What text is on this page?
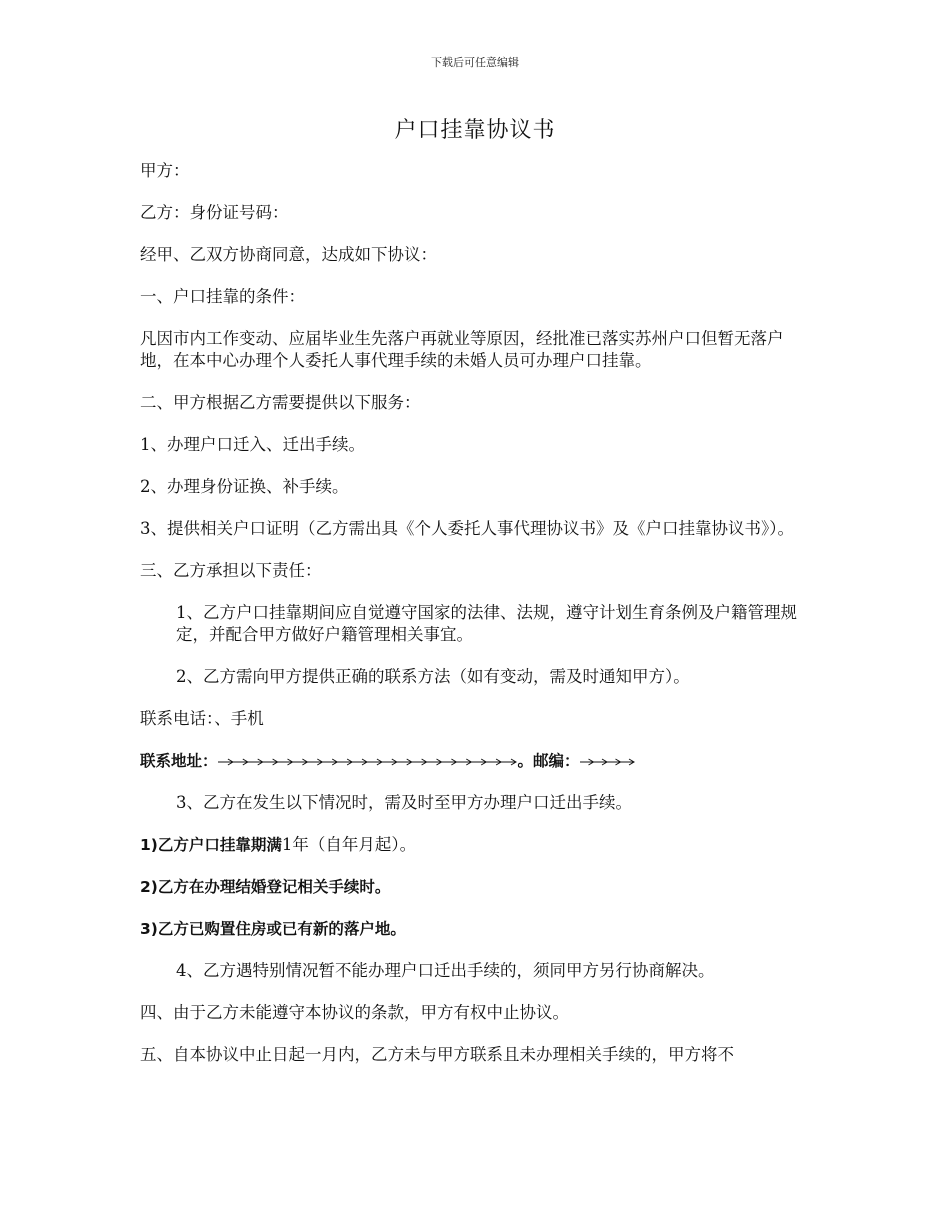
下载后可任意编辑
户口挂靠协议书

甲方：

乙方：身份证号码：

经甲、乙双方协商同意，达成如下协议：

一、户口挂靠的条件：

凡因市内工作变动、应届毕业生先落户再就业等原因，经批准已落实苏州户口但暂无落户地，在本中心办理个人委托人事代理手续的未婚人员可办理户口挂靠。

二、甲方根据乙方需要提供以下服务：

1、办理户口迁入、迁出手续。

2、办理身份证换、补手续。

3、提供相关户口证明（乙方需出具《个人委托人事代理协议书》及《户口挂靠协议书》）。

三、乙方承担以下责任：

1、乙方户口挂靠期间应自觉遵守国家的法律、法规，遵守计划生育条例及户籍管理规定，并配合甲方做好户籍管理相关事宜。

2、乙方需向甲方提供正确的联系方法（如有变动，需及时通知甲方）。

联系电话：、手机

联系地址：	。邮编：

3、乙方在发生以下情况时，需及时至甲方办理户口迁出手续。

1)乙方户口挂靠期满1年（自年月起）。

2)乙方在办理结婚登记相关手续时。

3)乙方已购置住房或已有新的落户地。

4、乙方遇特别情况暂不能办理户口迁出手续的，须同甲方另行协商解决。

四、由于乙方未能遵守本协议的条款，甲方有权中止协议。

五、自本协议中止日起一月内，乙方未与甲方联系且未办理相关手续的，甲方将不
